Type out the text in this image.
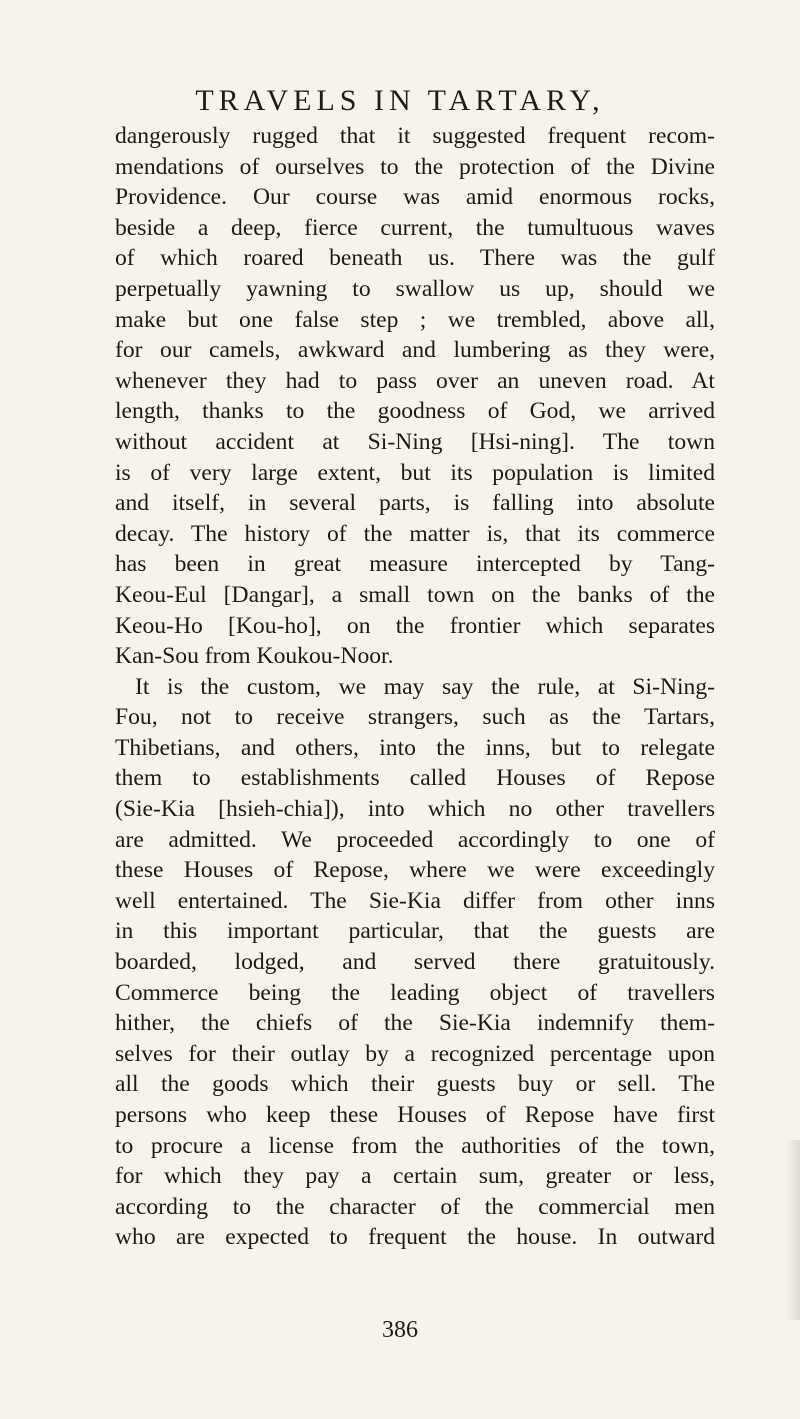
TRAVELS IN TARTARY,
dangerously rugged that it suggested frequent recom-
mendations of ourselves to the protection of the Divine
Providence. Our course was amid enormous rocks,
beside a deep, fierce current, the tumultuous waves
of which roared beneath us. There was the gulf
perpetually yawning to swallow us up, should we
make but one false step ; we trembled, above all,
for our camels, awkward and lumbering as they were,
whenever they had to pass over an uneven road. At
length, thanks to the goodness of God, we arrived
without accident at Si-Ning [Hsi-ning]. The town
is of very large extent, but its population is limited
and itself, in several parts, is falling into absolute
decay. The history of the matter is, that its commerce
has been in great measure intercepted by Tang-
Keou-Eul [Dangar], a small town on the banks of the
Keou-Ho [Kou-ho], on the frontier which separates
Kan-Sou from Koukou-Noor.
It is the custom, we may say the rule, at Si-Ning-
Fou, not to receive strangers, such as the Tartars,
Thibetians, and others, into the inns, but to relegate
them to establishments called Houses of Repose
(Sie-Kia [hsieh-chia]), into which no other travellers
are admitted. We proceeded accordingly to one of
these Houses of Repose, where we were exceedingly
well entertained. The Sie-Kia differ from other inns
in this important particular, that the guests are
boarded, lodged, and served there gratuitously.
Commerce being the leading object of travellers
hither, the chiefs of the Sie-Kia indemnify them-
selves for their outlay by a recognized percentage upon
all the goods which their guests buy or sell. The
persons who keep these Houses of Repose have first
to procure a license from the authorities of the town,
for which they pay a certain sum, greater or less,
according to the character of the commercial men
who are expected to frequent the house. In outward
386
